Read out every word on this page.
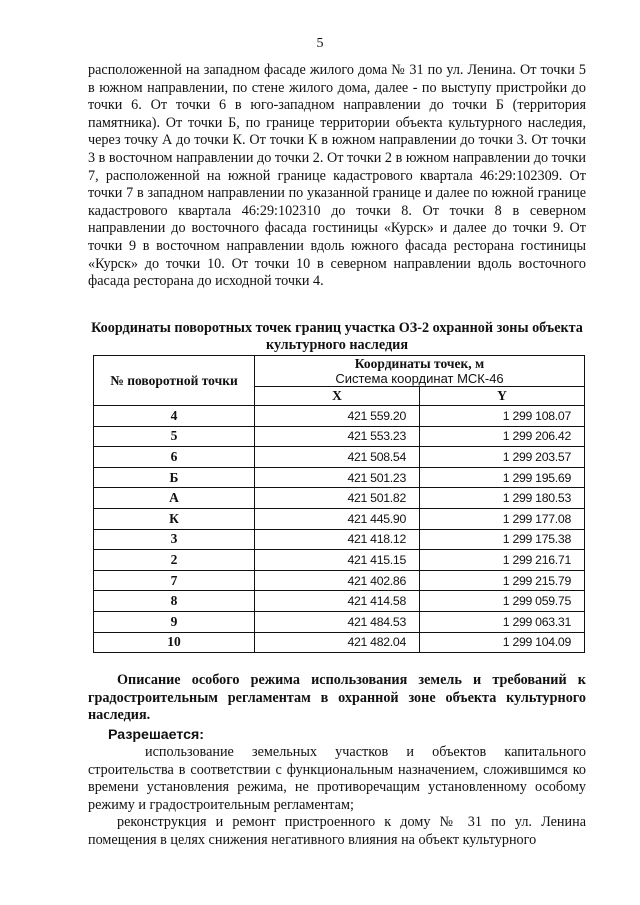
5

расположенной на западном фасаде жилого дома № 31 по ул. Ленина. От точки 5 в южном направлении, по стене жилого дома, далее - по выступу пристройки до точки 6. От точки 6 в юго-западном направлении до точки Б (территория памятника). От точки Б, по границе территории объекта культурного наследия, через точку А до точки К. От точки К в южном направлении до точки 3. От точки 3 в восточном направлении до точки 2. От точки 2 в южном направлении до точки 7, расположенной на южной границе кадастрового квартала 46:29:102309. От точки 7 в западном направлении по указанной границе и далее по южной границе кадастрового квартала 46:29:102310 до точки 8. От точки 8 в северном направлении до восточного фасада гостиницы «Курск» и далее до точки 9. От точки 9 в восточном направлении вдоль южного фасада ресторана гостиницы «Курск» до точки 10. От точки 10 в северном направлении вдоль восточного фасада ресторана до исходной точки 4.

Координаты поворотных точек границ участка ОЗ-2 охранной зоны объекта культурного наследия
№ поворотной точки	Координаты точек, м
Система координат МСК-46	

	X	Y
4	421 559.20	1 299 108.07
5	421 553.23	1 299 206.42
6	421 508.54	1 299 203.57
Б	421 501.23	1 299 195.69
А	421 501.82	1 299 180.53
К	421 445.90	1 299 177.08
3	421 418.12	1 299 175.38
2	421 415.15	1 299 216.71
7	421 402.86	1 299 215.79
8	421 414.58	1 299 059.75
9	421 484.53	1 299 063.31
10	421 482.04	1 299 104.09
Описание особого режима использования земель и требований к градостроительным регламентам в охранной зоне объекта культурного наследия.
Разрешается:

использование земельных участков и объектов капитального строительства в соответствии с функциональным назначением, сложившимся ко времени установления режима, не противоречащим установленному особому режиму и градостроительным регламентам;

реконструкция и ремонт пристроенного к дому № 31 по ул. Ленина помещения в целях снижения негативного влияния на объект культурного
